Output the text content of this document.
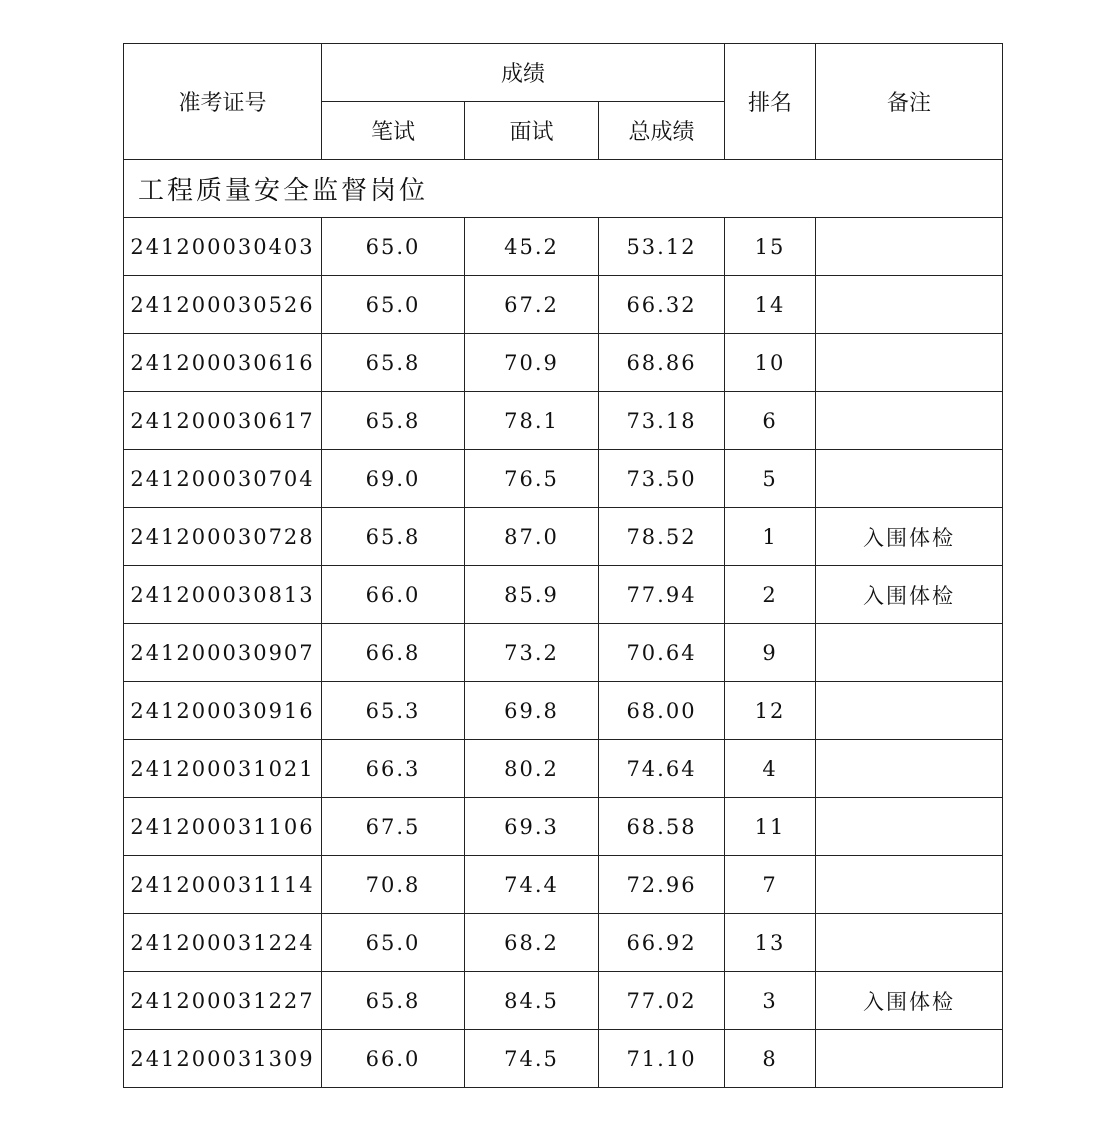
准考证号	成绩			排名	备注
	笔试	面试	总成绩		
工程质量安全监督岗位					
241200030403	65.0	45.2	53.12	15	
241200030526	65.0	67.2	66.32	14	
241200030616	65.8	70.9	68.86	10	
241200030617	65.8	78.1	73.18	6	
241200030704	69.0	76.5	73.50	5	
241200030728	65.8	87.0	78.52	1	入围体检
241200030813	66.0	85.9	77.94	2	入围体检
241200030907	66.8	73.2	70.64	9	
241200030916	65.3	69.8	68.00	12	
241200031021	66.3	80.2	74.64	4	
241200031106	67.5	69.3	68.58	11	
241200031114	70.8	74.4	72.96	7	
241200031224	65.0	68.2	66.92	13	
241200031227	65.8	84.5	77.02	3	入围体检
241200031309	66.0	74.5	71.10	8	
